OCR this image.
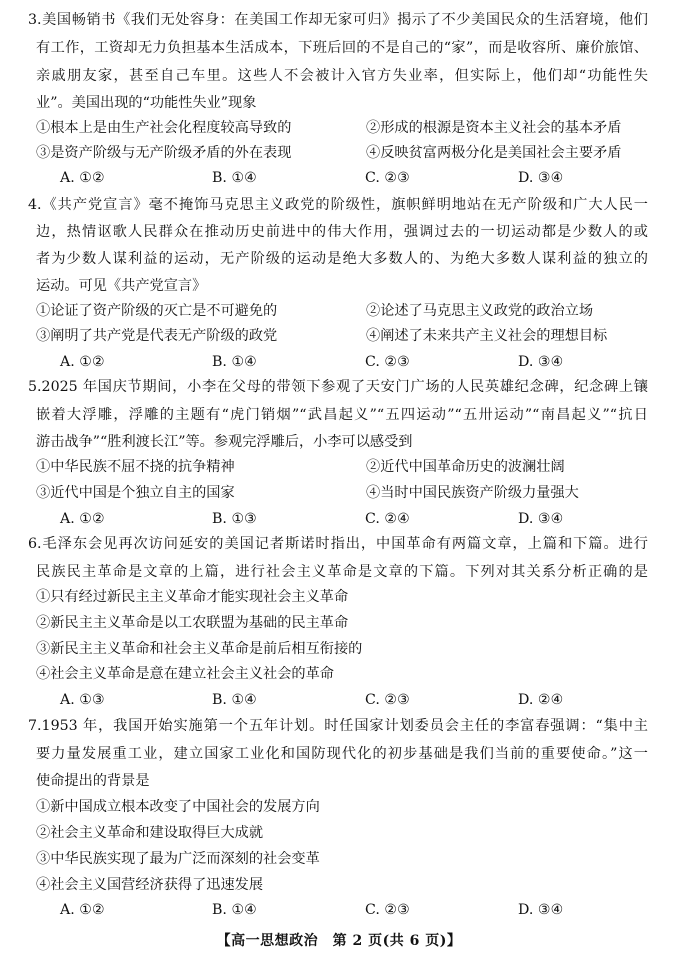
3.美国畅销书《我们无处容身：在美国工作却无家可归》揭示了不少美国民众的生活窘境，他们
有工作，工资却无力负担基本生活成本，下班后回的不是自己的“家”，而是收容所、廉价旅馆、
亲戚朋友家，甚至自己车里。这些人不会被计入官方失业率，但实际上，他们却“功能性失
业”。美国出现的“功能性失业”现象
①根本上是由生产社会化程度较高导致的	②形成的根源是资本主义社会的基本矛盾
③是资产阶级与无产阶级矛盾的外在表现	④反映贫富两极分化是美国社会主要矛盾
A. ①②	B. ①④	C. ②③	D. ③④
4.《共产党宣言》毫不掩饰马克思主义政党的阶级性，旗帜鲜明地站在无产阶级和广大人民一
边，热情讴歌人民群众在推动历史前进中的伟大作用，强调过去的一切运动都是少数人的或
者为少数人谋利益的运动，无产阶级的运动是绝大多数人的、为绝大多数人谋利益的独立的
运动。可见《共产党宣言》
①论证了资产阶级的灭亡是不可避免的	②论述了马克思主义政党的政治立场
③阐明了共产党是代表无产阶级的政党	④阐述了未来共产主义社会的理想目标
A. ①②	B. ①④	C. ②③	D. ③④
5.2025 年国庆节期间，小李在父母的带领下参观了天安门广场的人民英雄纪念碑，纪念碑上镶
嵌着大浮雕，浮雕的主题有“虎门销烟”“武昌起义”“五四运动”“五卅运动”“南昌起义”“抗日
游击战争”“胜利渡长江”等。参观完浮雕后，小李可以感受到
①中华民族不屈不挠的抗争精神	②近代中国革命历史的波澜壮阔
③近代中国是个独立自主的国家	④当时中国民族资产阶级力量强大
A. ①②	B. ①③	C. ②④	D. ③④
6.毛泽东会见再次访问延安的美国记者斯诺时指出，中国革命有两篇文章，上篇和下篇。进行
民族民主革命是文章的上篇，进行社会主义革命是文章的下篇。下列对其关系分析正确的是
①只有经过新民主主义革命才能实现社会主义革命
②新民主主义革命是以工农联盟为基础的民主革命
③新民主主义革命和社会主义革命是前后相互衔接的
④社会主义革命是意在建立社会主义社会的革命
A. ①③	B. ①④	C. ②③	D. ②④
7.1953 年，我国开始实施第一个五年计划。时任国家计划委员会主任的李富春强调：“集中主
要力量发展重工业，建立国家工业化和国防现代化的初步基础是我们当前的重要使命。”这一
使命提出的背景是
①新中国成立根本改变了中国社会的发展方向
②社会主义革命和建设取得巨大成就
③中华民族实现了最为广泛而深刻的社会变革
④社会主义国营经济获得了迅速发展
A. ①②	B. ①④	C. ②③	D. ③④
【高一思想政治　第 2 页(共 6 页)】
